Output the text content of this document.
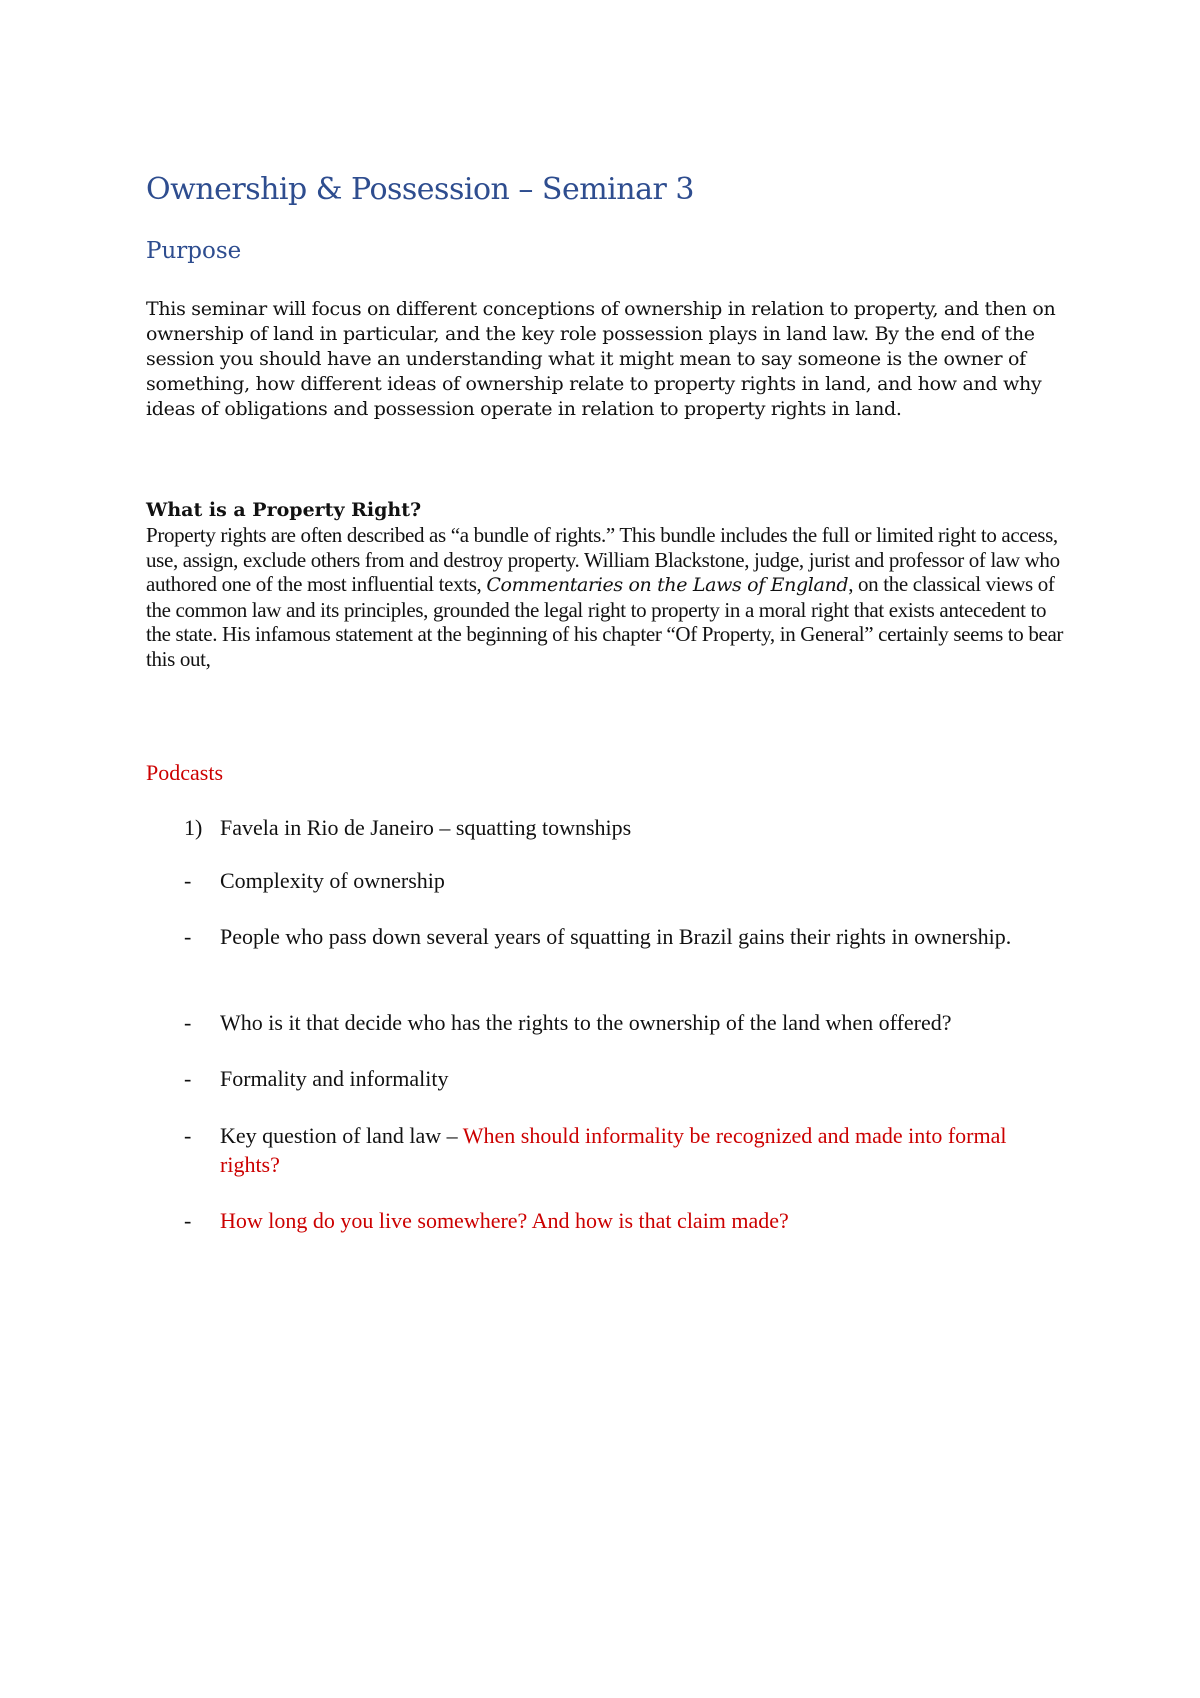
Ownership & Possession – Seminar 3
Purpose

This seminar will focus on different conceptions of ownership in relation to property, and then on ownership of land in particular, and the key role possession plays in land law. By the end of the session you should have an understanding what it might mean to say someone is the owner of something, how different ideas of ownership relate to property rights in land, and how and why ideas of obligations and possession operate in relation to property rights in land.

What is a Property Right?

Property rights are often described as “a bundle of rights.” This bundle includes the full or limited right to access, use, assign, exclude others from and destroy property. William Blackstone, judge, jurist and professor of law who authored one of the most influential texts, Commentaries on the Laws of England, on the classical views of the common law and its principles, grounded the legal right to property in a moral right that exists antecedent to the state. His infamous statement at the beginning of his chapter “Of Property, in General” certainly seems to bear this out,

Podcasts
1) Favela in Rio de Janeiro – squatting townships
- Complexity of ownership
- People who pass down several years of squatting in Brazil gains their rights in ownership.
- Who is it that decide who has the rights to the ownership of the land when offered?
- Formality and informality
- Key question of land law – When should informality be recognized and made into formal rights?
- How long do you live somewhere? And how is that claim made?
